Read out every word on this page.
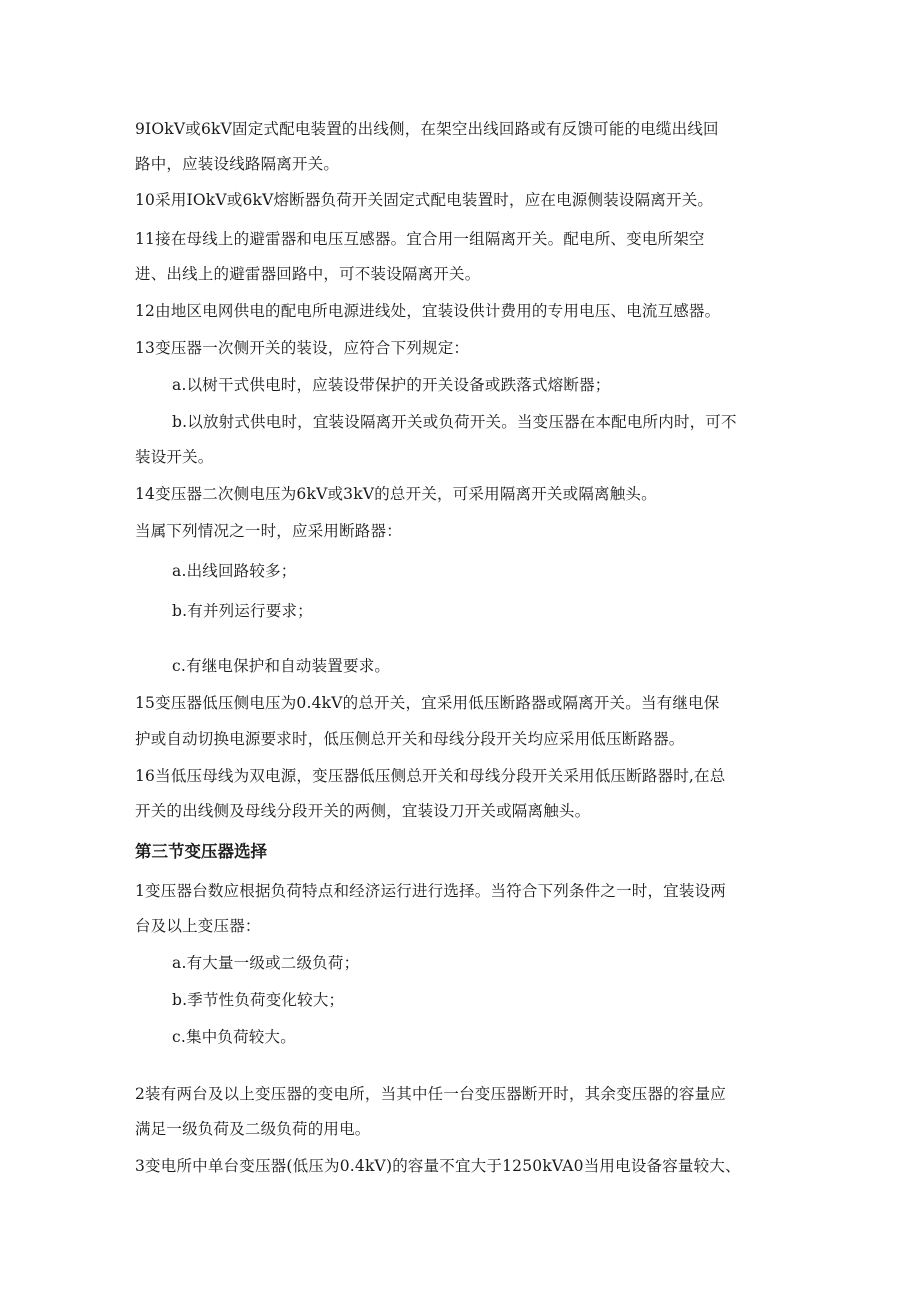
9IOkV或6kV固定式配电装置的出线侧，在架空出线回路或有反馈可能的电缆出线回
路中，应装设线路隔离开关。
10采用IOkV或6kV熔断器负荷开关固定式配电装置时，应在电源侧装设隔离开关。
11接在母线上的避雷器和电压互感器。宜合用一组隔离开关。配电所、变电所架空
进、出线上的避雷器回路中，可不装设隔离开关。
12由地区电网供电的配电所电源进线处，宜装设供计费用的专用电压、电流互感器。
13变压器一次侧开关的装设，应符合下列规定：
a.以树干式供电时，应装设带保护的开关设备或跌落式熔断器；
b.以放射式供电时，宜装设隔离开关或负荷开关。当变压器在本配电所内时，可不
装设开关。
14变压器二次侧电压为6kV或3kV的总开关，可采用隔离开关或隔离触头。
当属下列情况之一时，应采用断路器：
a.出线回路较多；
b.有并列运行要求；
c.有继电保护和自动装置要求。
15变压器低压侧电压为0.4kV的总开关，宜采用低压断路器或隔离开关。当有继电保
护或自动切换电源要求时，低压侧总开关和母线分段开关均应采用低压断路器。
16当低压母线为双电源，变压器低压侧总开关和母线分段开关采用低压断路器时,在总
开关的出线侧及母线分段开关的两侧，宜装设刀开关或隔离触头。
第三节变压器选择
1变压器台数应根据负荷特点和经济运行进行选择。当符合下列条件之一时，宜装设两
台及以上变压器：
a.有大量一级或二级负荷；
b.季节性负荷变化较大；
c.集中负荷较大。
2装有两台及以上变压器的变电所，当其中任一台变压器断开时，其余变压器的容量应
满足一级负荷及二级负荷的用电。
3变电所中单台变压器(低压为0.4kV)的容量不宜大于1250kVA0当用电设备容量较大、
